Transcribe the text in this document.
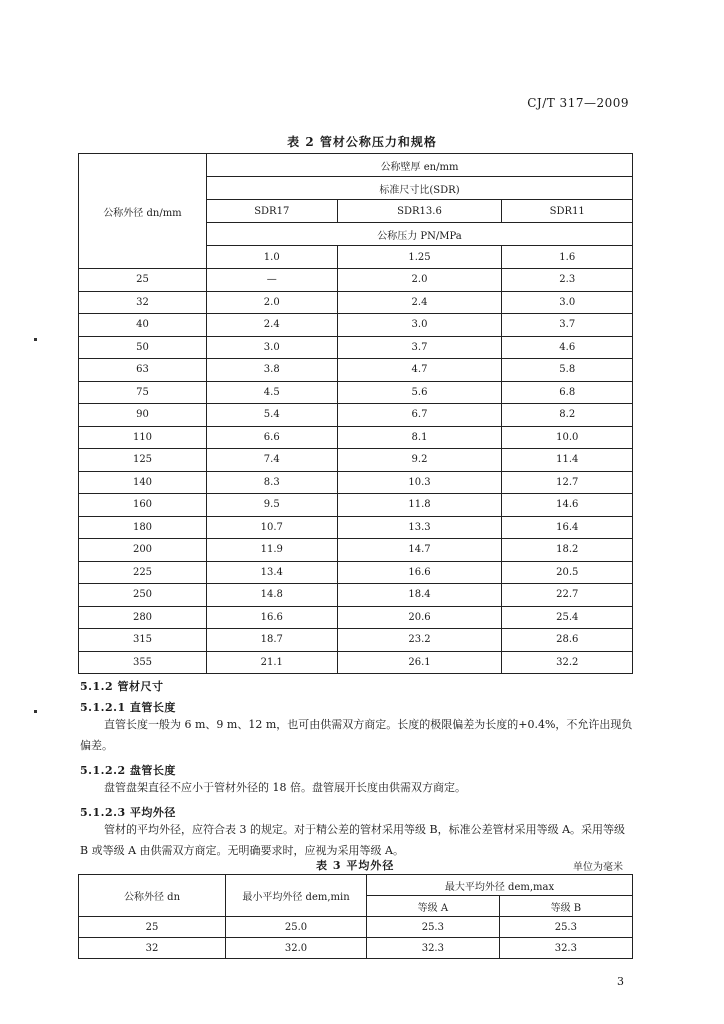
CJ/T 317—2009
表 2 管材公称压力和规格
公称外径 dn/mm	公称壁厚 en/mm		
	标准尺寸比(SDR)		
	SDR17	SDR13.6	SDR11
	公称压力 PN/MPa		
	1.0	1.25	1.6
25	—	2.0	2.3
32	2.0	2.4	3.0
40	2.4	3.0	3.7
50	3.0	3.7	4.6
63	3.8	4.7	5.8
75	4.5	5.6	6.8
90	5.4	6.7	8.2
110	6.6	8.1	10.0
125	7.4	9.2	11.4
140	8.3	10.3	12.7
160	9.5	11.8	14.6
180	10.7	13.3	16.4
200	11.9	14.7	18.2
225	13.4	16.6	20.5
250	14.8	18.4	22.7
280	16.6	20.6	25.4
315	18.7	23.2	28.6
355	21.1	26.1	32.2
5.1.2 管材尺寸
5.1.2.1 直管长度
直管长度一般为 6 m、9 m、12 m，也可由供需双方商定。长度的极限偏差为长度的+0.4%，不允许出现负偏差。
5.1.2.2 盘管长度
盘管盘架直径不应小于管材外径的 18 倍。盘管展开长度由供需双方商定。
5.1.2.3 平均外径
管材的平均外径，应符合表 3 的规定。对于精公差的管材采用等级 B，标准公差管材采用等级 A。采用等级 B 或等级 A 由供需双方商定。无明确要求时，应视为采用等级 A。
表 3 平均外径	单位为毫米
公称外径 dn	最小平均外径 dem,min	最大平均外径 dem,max	
		等级 A	等级 B
25	25.0	25.3	25.3
32	32.0	32.3	32.3
3
